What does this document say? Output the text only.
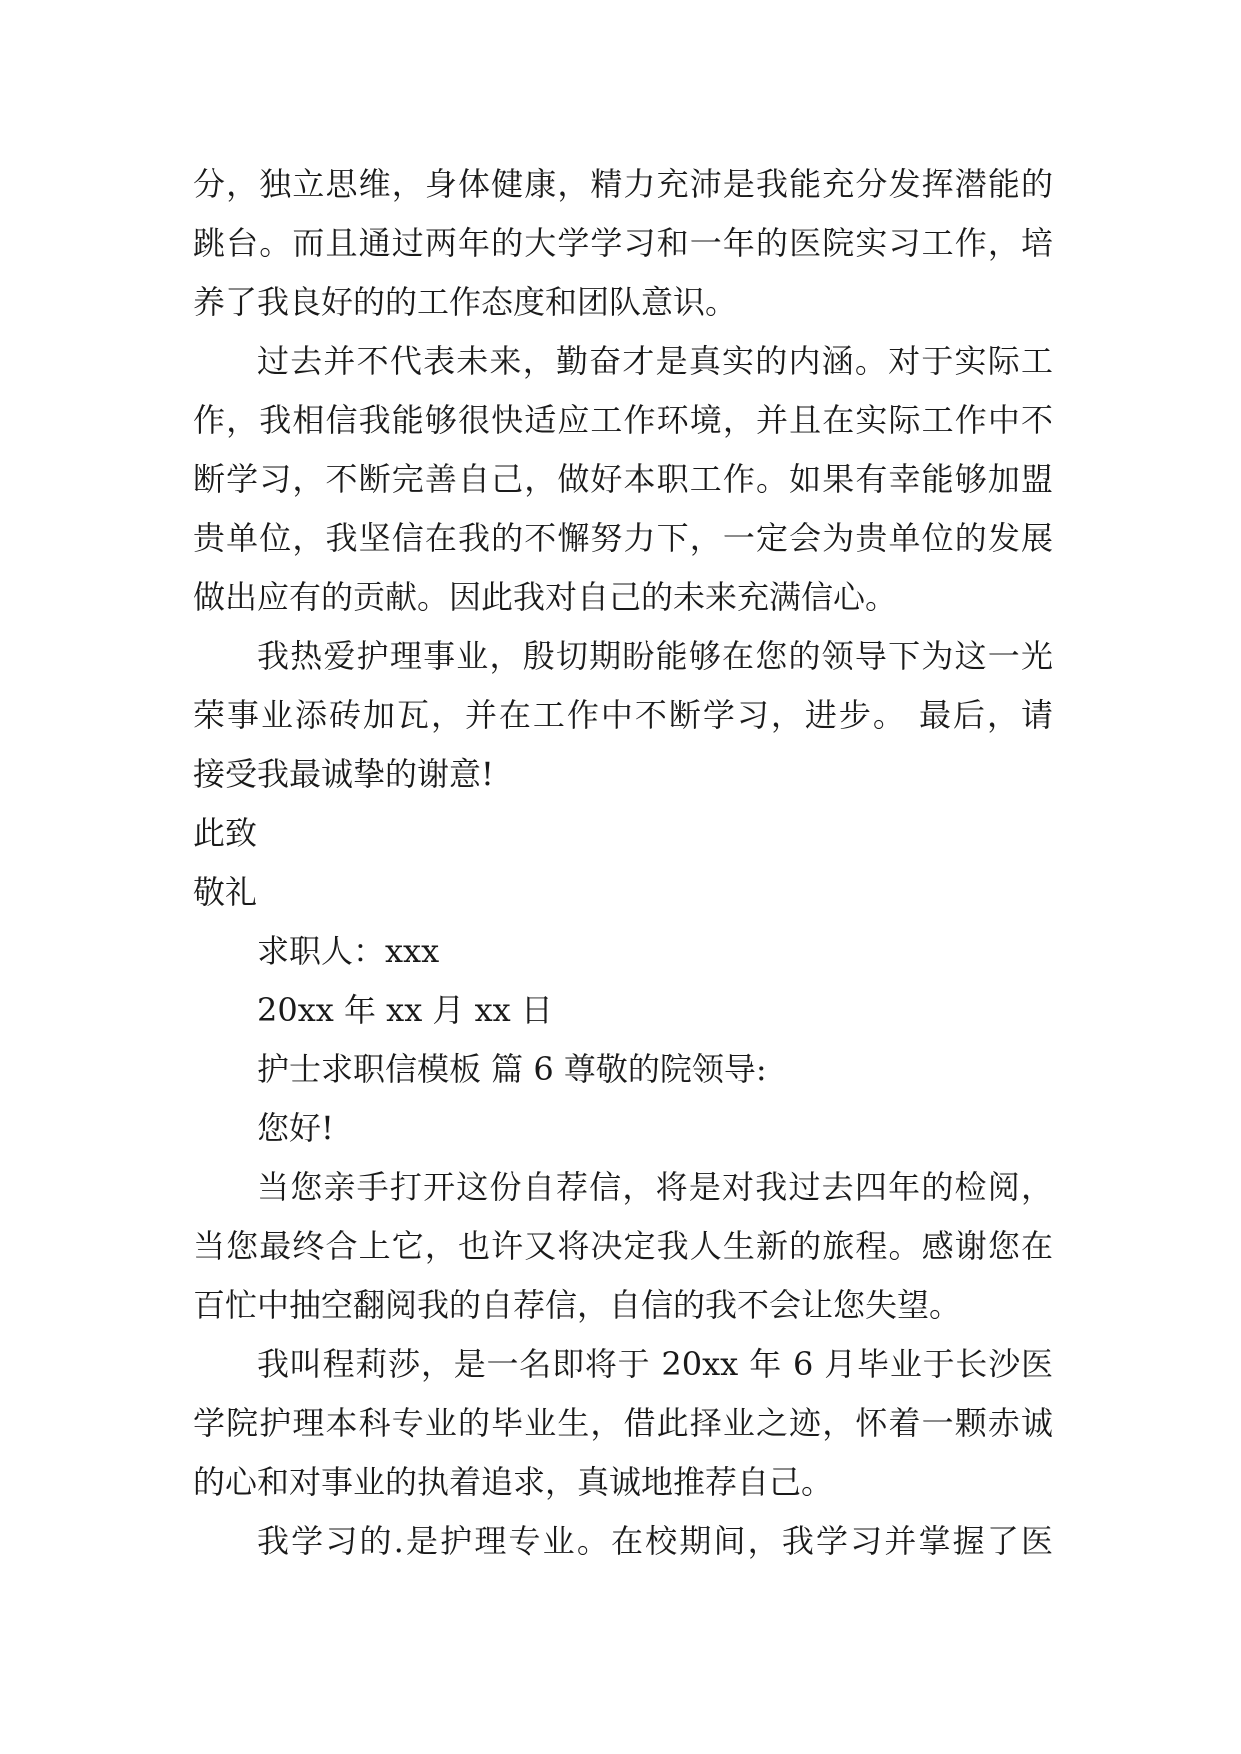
分，独立思维，身体健康，精力充沛是我能充分发挥潜能的
跳台。而且通过两年的大学学习和一年的医院实习工作，培
养了我良好的的工作态度和团队意识。
过去并不代表未来，勤奋才是真实的内涵。对于实际工
作，我相信我能够很快适应工作环境，并且在实际工作中不
断学习，不断完善自己，做好本职工作。如果有幸能够加盟
贵单位，我坚信在我的不懈努力下，一定会为贵单位的发展
做出应有的贡献。因此我对自己的未来充满信心。
我热爱护理事业，殷切期盼能够在您的领导下为这一光
荣事业添砖加瓦，并在工作中不断学习，进步。 最后，请
接受我最诚挚的谢意!
此致
敬礼
求职人：xxx
20xx 年 xx 月 xx 日
护士求职信模板 篇 6 尊敬的院领导:
您好!
当您亲手打开这份自荐信，将是对我过去四年的检阅，
当您最终合上它，也许又将决定我人生新的旅程。感谢您在
百忙中抽空翻阅我的自荐信，自信的我不会让您失望。
我叫程莉莎，是一名即将于 20xx 年 6 月毕业于长沙医
学院护理本科专业的毕业生，借此择业之迹，怀着一颗赤诚
的心和对事业的执着追求，真诚地推荐自己。
我学习的.是护理专业。在校期间，我学习并掌握了医
